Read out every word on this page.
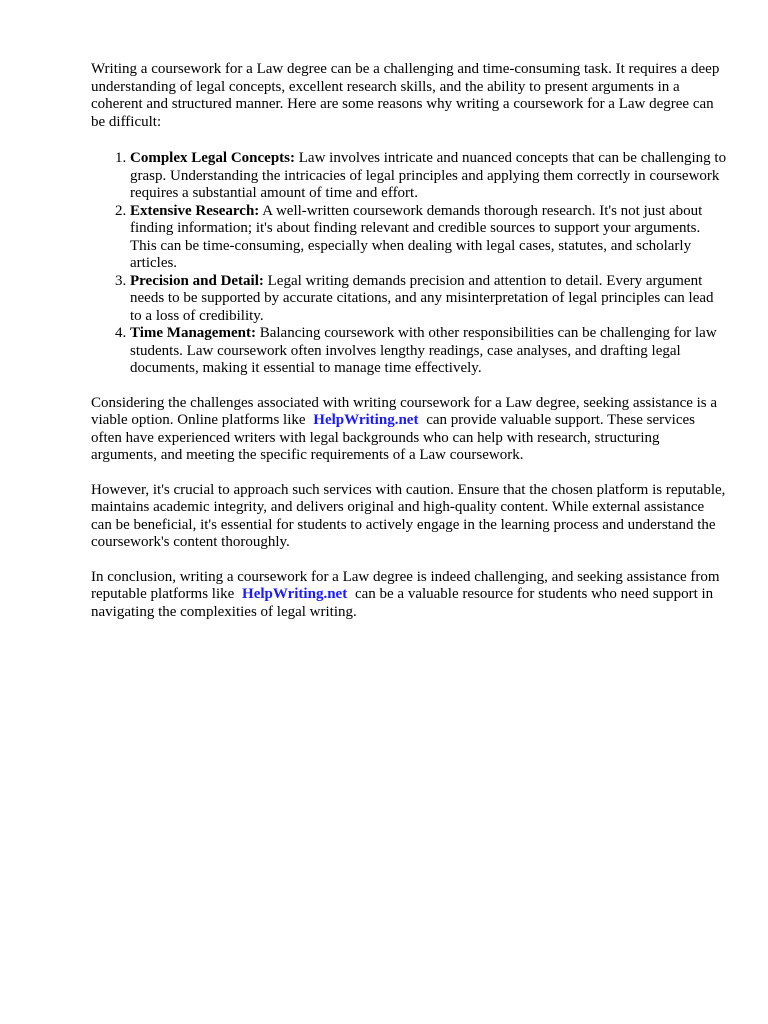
Writing a coursework for a Law degree can be a challenging and time-consuming task. It requires a deep understanding of legal concepts, excellent research skills, and the ability to present arguments in a coherent and structured manner. Here are some reasons why writing a coursework for a Law degree can be difficult:

1. Complex Legal Concepts: Law involves intricate and nuanced concepts that can be challenging to grasp. Understanding the intricacies of legal principles and applying them correctly in coursework requires a substantial amount of time and effort.
2. Extensive Research: A well-written coursework demands thorough research. It's not just about finding information; it's about finding relevant and credible sources to support your arguments. This can be time-consuming, especially when dealing with legal cases, statutes, and scholarly articles.
3. Precision and Detail: Legal writing demands precision and attention to detail. Every argument needs to be supported by accurate citations, and any misinterpretation of legal principles can lead to a loss of credibility.
4. Time Management: Balancing coursework with other responsibilities can be challenging for law students. Law coursework often involves lengthy readings, case analyses, and drafting legal documents, making it essential to manage time effectively.

Considering the challenges associated with writing coursework for a Law degree, seeking assistance is a viable option. Online platforms like HelpWriting.net can provide valuable support. These services often have experienced writers with legal backgrounds who can help with research, structuring arguments, and meeting the specific requirements of a Law coursework.

However, it's crucial to approach such services with caution. Ensure that the chosen platform is reputable, maintains academic integrity, and delivers original and high-quality content. While external assistance can be beneficial, it's essential for students to actively engage in the learning process and understand the coursework's content thoroughly.

In conclusion, writing a coursework for a Law degree is indeed challenging, and seeking assistance from reputable platforms like HelpWriting.net can be a valuable resource for students who need support in navigating the complexities of legal writing.
